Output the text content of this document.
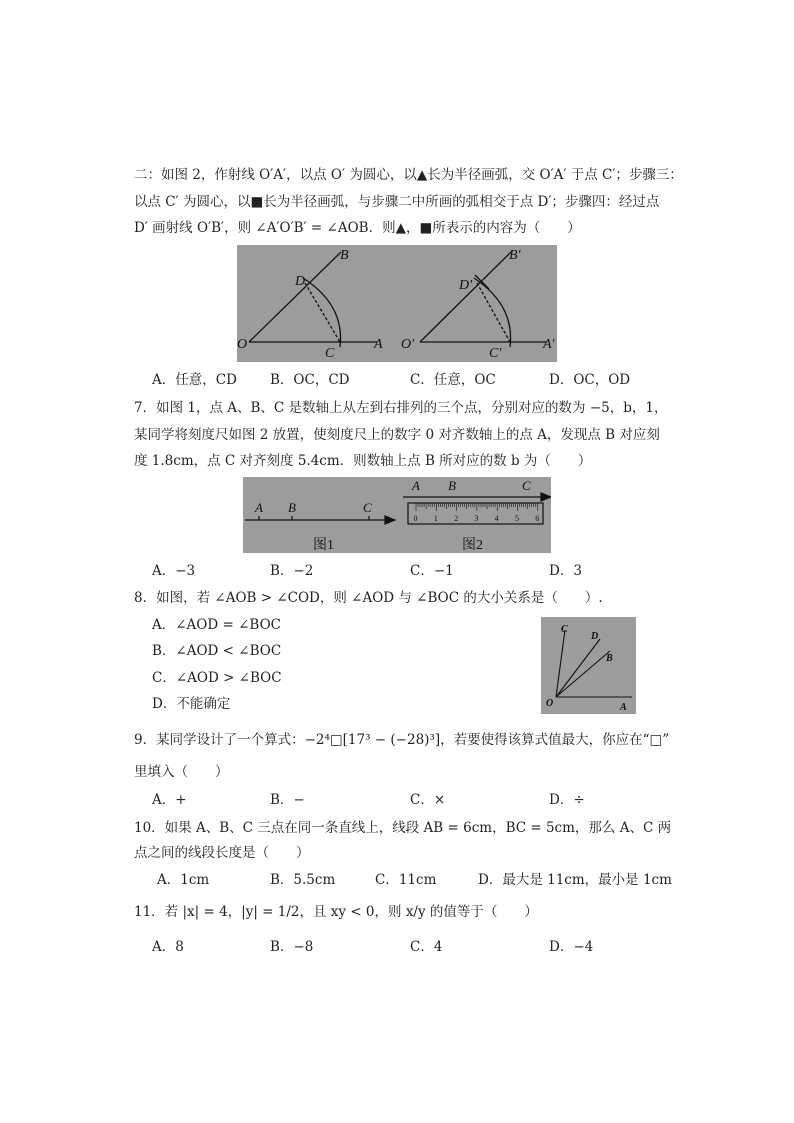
二：如图 2，作射线 O′A′，以点 O′ 为圆心，以▲长为半径画弧，交 O′A′ 于点 C′；步骤三：
以点 C′ 为圆心，以■长为半径画弧，与步骤二中所画的弧相交于点 D′；步骤四：经过点
D′ 画射线 O′B′，则 ∠A′O′B′ = ∠AOB．则▲，■所表示的内容为（　　）
O	A
B
C
D
O′	A′
B′
C′
D′
A．任意，CD B．OC，CD	C．任意，OC	D．OC，OD
7．如图 1，点 A、B、C 是数轴上从左到右排列的三个点，分别对应的数为 −5，b，1，
某同学将刻度尺如图 2 放置，使刻度尺上的数字 0 对齐数轴上的点 A，发现点 B 对应刻
度 1.8cm，点 C 对齐刻度 5.4cm．则数轴上点 B 所对应的数 b 为（　　）
A B	C
A B	C
0 1 2 3 4 5 6
图1	图2
A．−3	B．−2	C．−1	D．3
8．如图，若 ∠AOB > ∠COD，则 ∠AOD 与 ∠BOC 的大小关系是（　　）.
A．∠AOD = ∠BOC
B．∠AOD < ∠BOC
C．∠AOD > ∠BOC
D．不能确定	O	A
B
C
D
9．某同学设计了一个算式：−2⁴□[17³ − (−28)³]，若要使得该算式值最大，你应在“□”
里填入（　　）
A．+	B．−	C．×	D．÷
10．如果 A、B、C 三点在同一条直线上，线段 AB = 6cm，BC = 5cm，那么 A、C 两
点之间的线段长度是（　　）
A．1cm	B．5.5cm	C．11cm	D．最大是 11cm，最小是 1cm
11．若 |x| = 4，|y| = 1/2，且 xy < 0，则 x/y 的值等于（　　）
A．8	B．−8	C．4	D．−4
